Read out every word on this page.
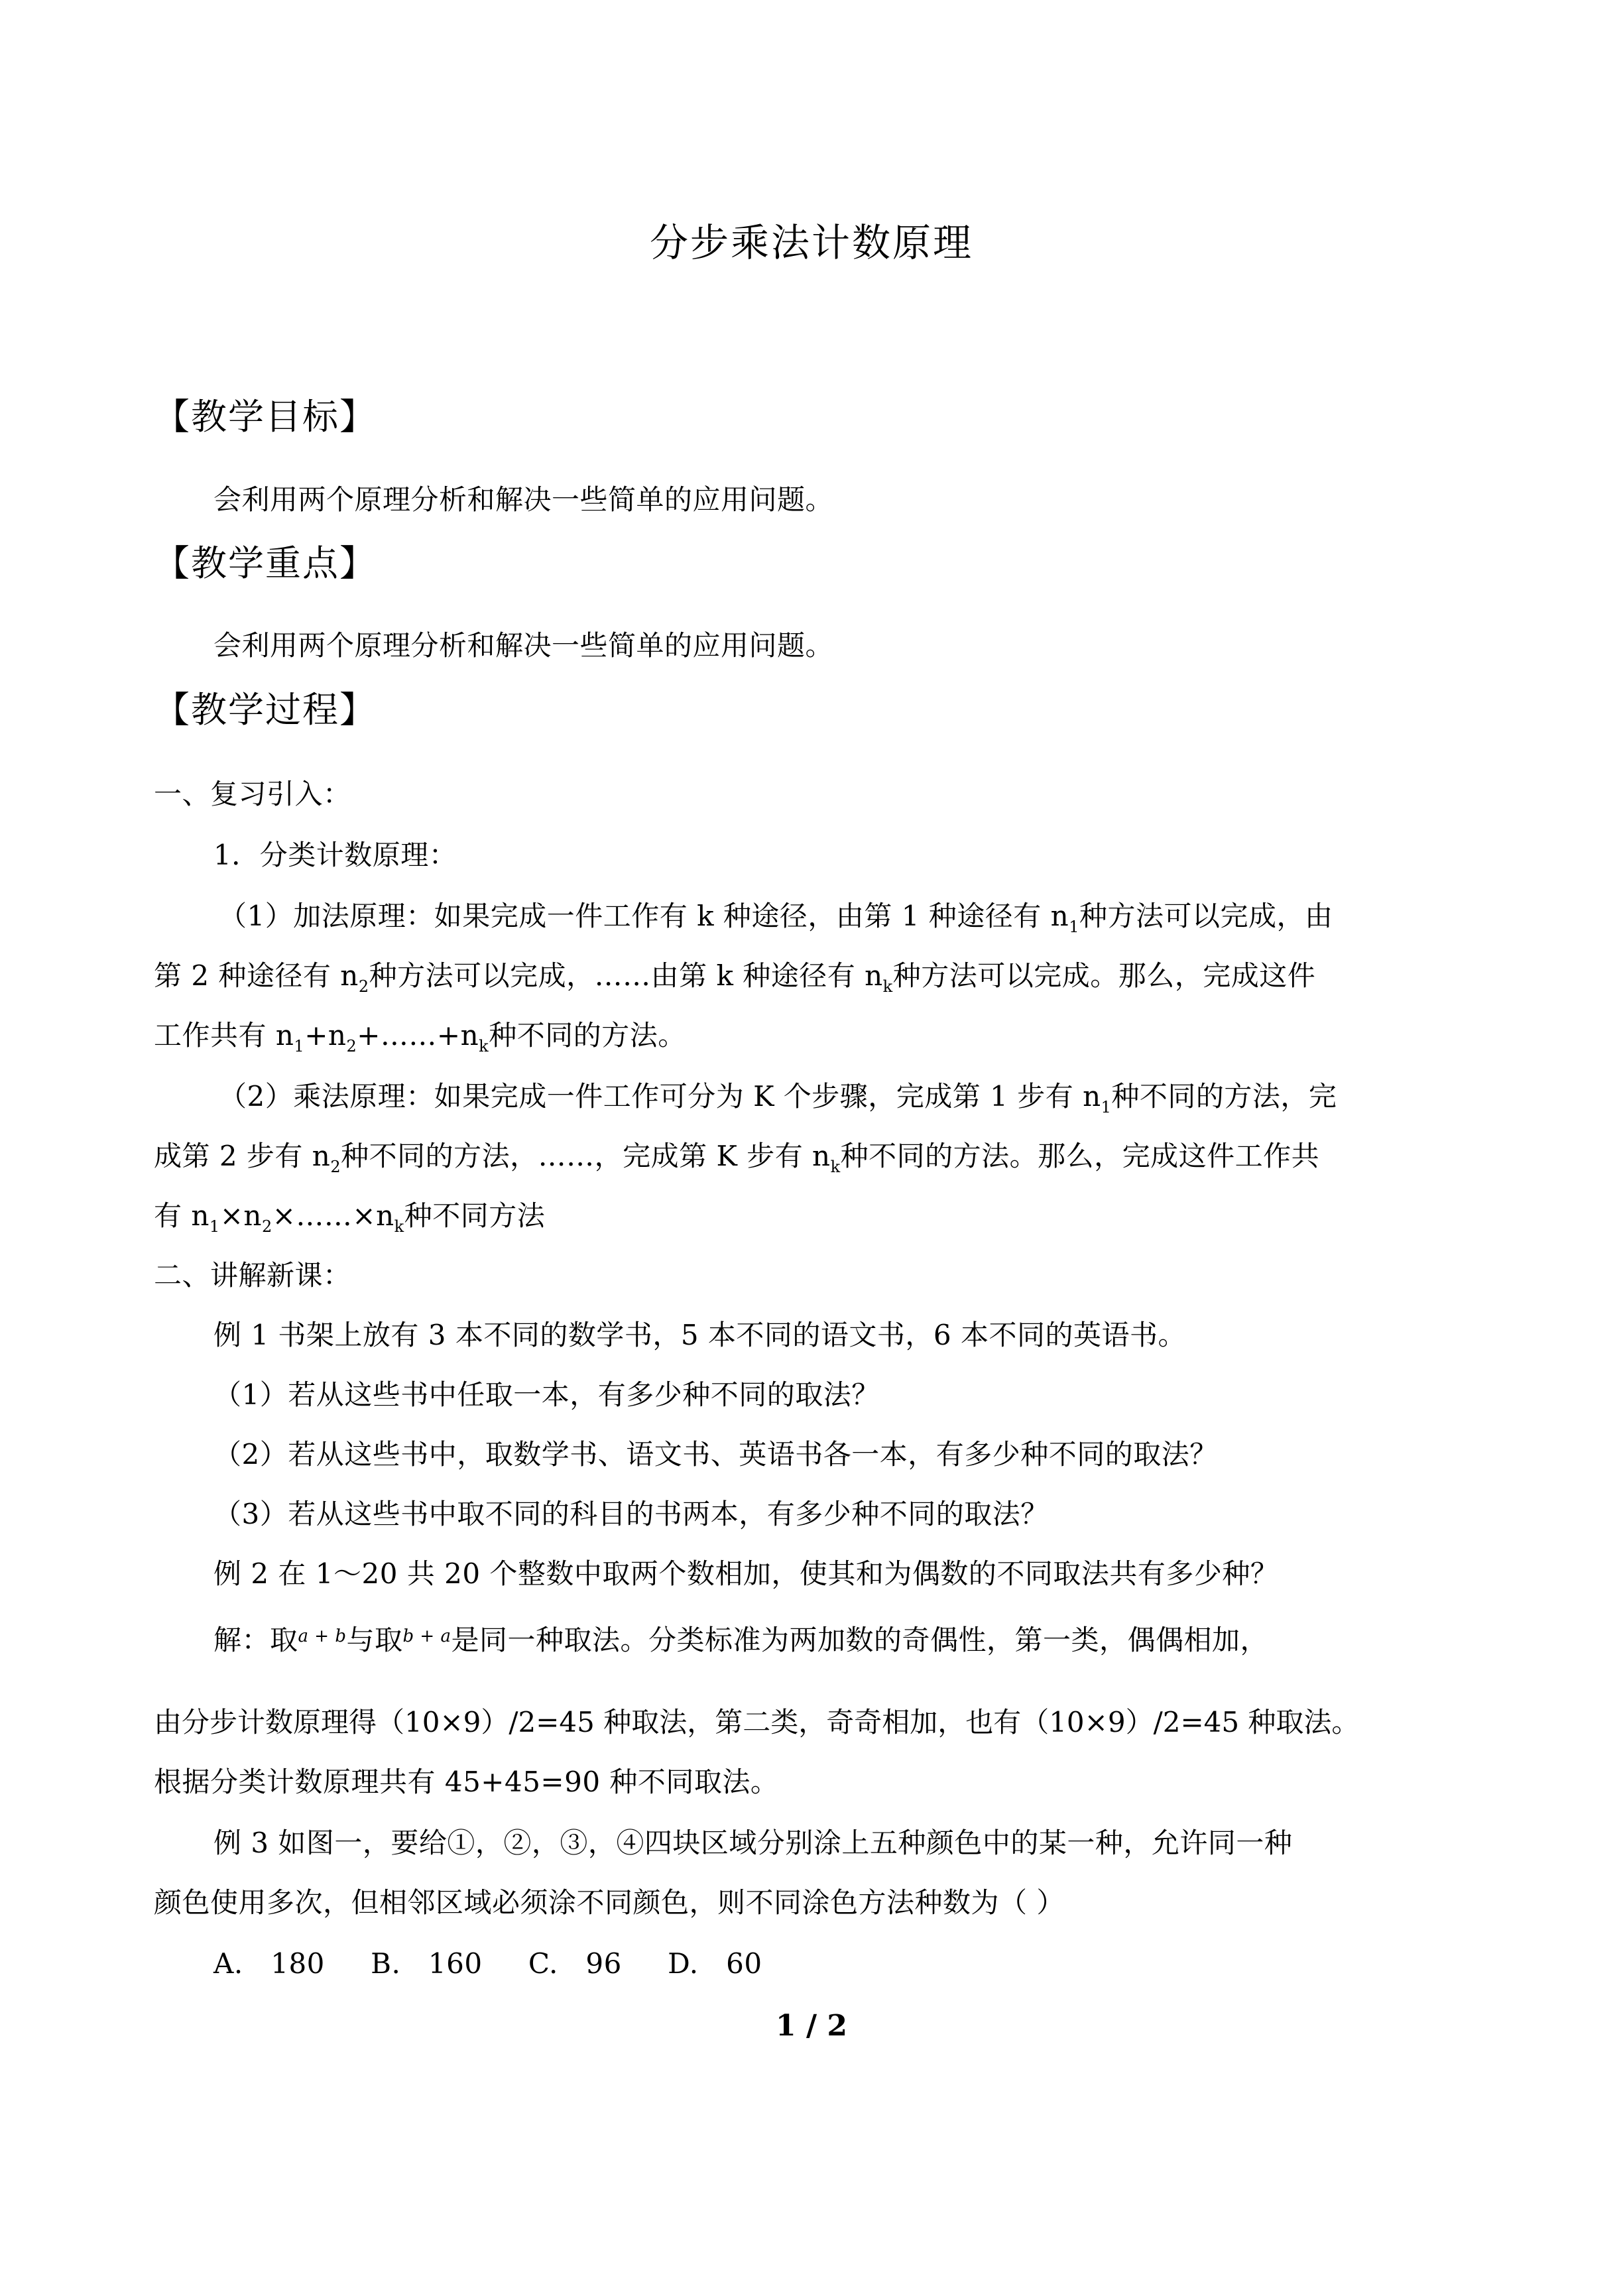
分步乘法计数原理
【教学目标】
会利用两个原理分析和解决一些简单的应用问题。
【教学重点】
会利用两个原理分析和解决一些简单的应用问题。
【教学过程】
一、复习引入：
1．分类计数原理：
（1）加法原理：如果完成一件工作有 k 种途径，由第 1 种途径有 $n_1$种方法可以完成，由
第 2 种途径有 $n_2$种方法可以完成，……由第 k 种途径有 $n_k$种方法可以完成。那么，完成这件
工作共有 $n_1+n_2+\dots\dots+n_k$种不同的方法。
（2）乘法原理：如果完成一件工作可分为 K 个步骤，完成第 1 步有 $n_1$种不同的方法，完
成第 2 步有 $n_2$种不同的方法，……，完成第 K 步有 $n_k$种不同的方法。那么，完成这件工作共
有 $n_1\times n_2\times\dots\dots\times n_k$种不同方法
二、讲解新课：
例 1 书架上放有 3 本不同的数学书，5 本不同的语文书，6 本不同的英语书。
（1）若从这些书中任取一本，有多少种不同的取法？
（2）若从这些书中，取数学书、语文书、英语书各一本，有多少种不同的取法？
（3）若从这些书中取不同的科目的书两本，有多少种不同的取法？
例 2 在 1～20 共 20 个整数中取两个数相加，使其和为偶数的不同取法共有多少种？
解：取$^{a + b}$与取$^{b + a}$是同一种取法。分类标准为两加数的奇偶性，第一类，偶偶相加，
由分步计数原理得（10×9）/2=45 种取法，第二类，奇奇相加，也有（10×9）/2=45 种取法。
根据分类计数原理共有 45+45=90 种不同取法。
例 3 如图一，要给①，②，③，④四块区域分别涂上五种颜色中的某一种，允许同一种
颜色使用多次，但相邻区域必须涂不同颜色，则不同涂色方法种数为（ ）
A.   180     B.   160     C.   96     D.   60
1 / 2
